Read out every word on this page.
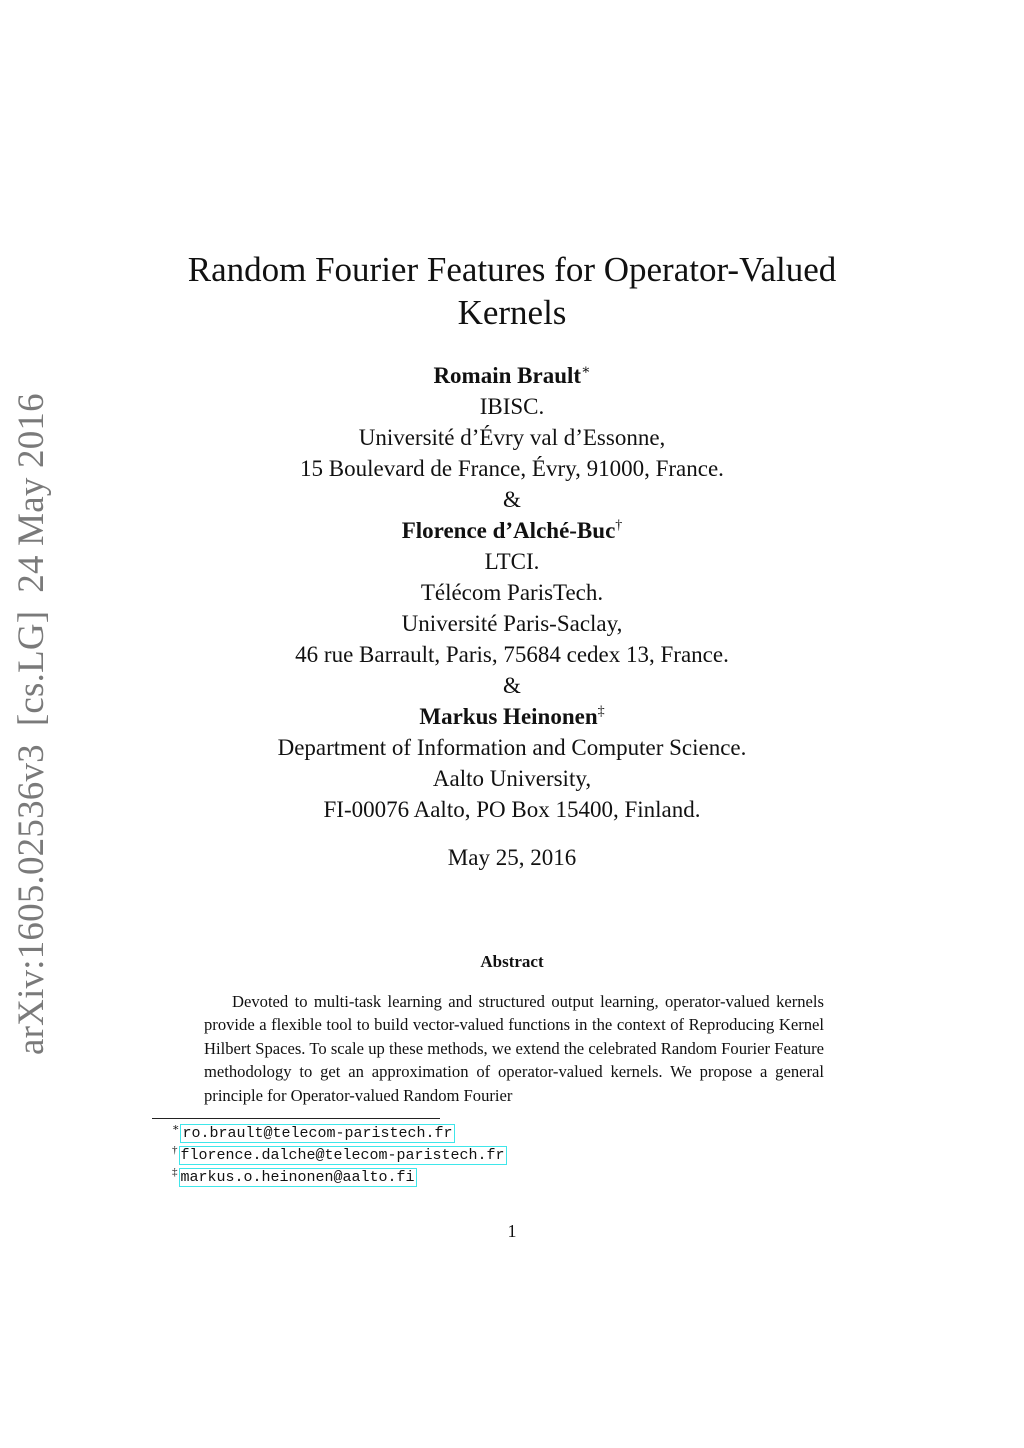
arXiv:1605.02536v3[cs.LG]24 May 2016
Random Fourier Features for Operator-Valued
Kernels
Romain Brault∗
IBISC.
Université d’Évry val d’Essonne,
15 Boulevard de France, Évry, 91000, France.
&
Florence d’Alché-Buc†
LTCI.
Télécom ParisTech.
Université Paris-Saclay,
46 rue Barrault, Paris, 75684 cedex 13, France.
&
Markus Heinonen‡
Department of Information and Computer Science.
Aalto University,
FI-00076 Aalto, PO Box 15400, Finland.
May 25, 2016
Abstract

Devoted to multi-task learning and structured output learning, operator-valued kernels provide a flexible tool to build vector-valued functions in the context of Reproducing Kernel Hilbert Spaces. To scale up these methods, we extend the celebrated Random Fourier Feature methodology to get an approximation of operator-valued kernels. We propose a general principle for Operator-valued Random Fourier

∗ ro.brault@telecom-paristech.fr
† florence.dalche@telecom-paristech.fr
‡ markus.o.heinonen@aalto.fi
1
